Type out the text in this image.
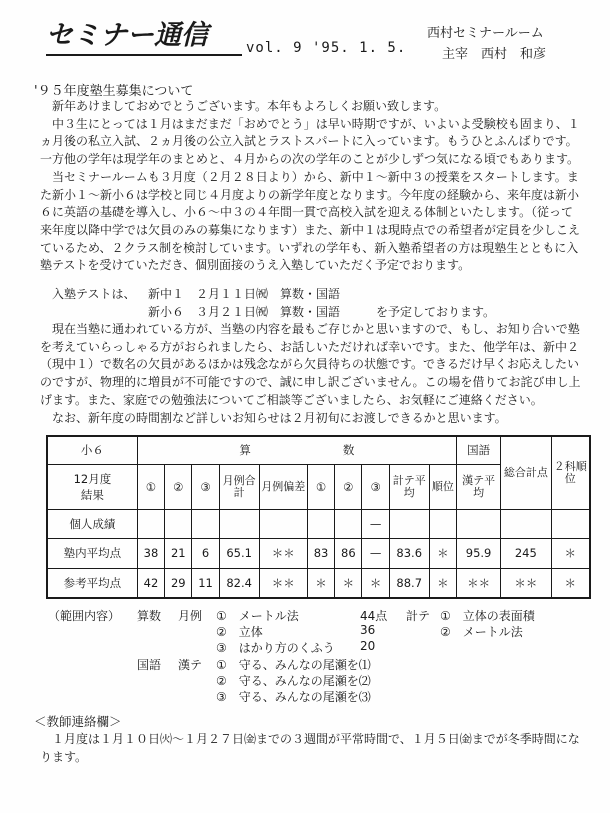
セミナー通信	vol. 9 '95. 1. 5.
西村セミナールーム
主宰　西村　和彦
'９５年度塾生募集について

新年あけましておめでとうございます。本年もよろしくお願い致します。

中３生にとっては１月はまだまだ「おめでとう」は早い時期ですが、いよいよ受験校も固まり、１ヵ月後の私立入試、２ヵ月後の公立入試とラストスパートに入っています。もうひとふんばりです。一方他の学年は現学年のまとめと、４月からの次の学年のことが少しずつ気になる頃でもあります。

当セミナールームも３月度（２月２８日より）から、新中１～新中３の授業をスタートします。また新小１～新小６は学校と同じ４月度よりの新学年度となります。今年度の経験から、来年度は新小６に英語の基礎を導入し、小６～中３の４年間一貫で高校入試を迎える体制といたします。（従って来年度以降中学では欠員のみの募集になります）また、新中１は現時点での希望者が定員を少しこえているため、２クラス制を検討しています。いずれの学年も、新入塾希望者の方は現塾生とともに入塾テストを受けていただき、個別面接のうえ入塾していただく予定でおります。

入塾テストは、 新中１　２月１１日㈷　算数・国語
新小６　３月２１日㈷　算数・国語	を予定しております。

現在当塾に通われている方が、当塾の内容を最もご存じかと思いますので、もし、お知り合いで塾を考えていらっしゃる方がおられましたら、お話しいただければ幸いです。また、他学年は、新中２（現中１）で数名の欠員があるほかは残念ながら欠員待ちの状態です。できるだけ早くお応えしたいのですが、物理的に増員が不可能ですので、誠に申し訳ございません。この場を借りてお詫び申し上げます。また、家庭での勉強法についてご相談等ございましたら、お気軽にご連絡ください。

なお、新年度の時間割など詳しいお知らせは２月初旬にお渡しできるかと思います。

小６	算　　　　　　　　数										国語	総合計点	２科順位

12月度
結果	①	②	③	月例合計	月例偏差	①	②	③	計テ平均	順位	漢テ平均		
個人成績								—					
塾内平均点	38	21	6	65.1	＊＊	83	86	—	83.6	＊	95.9	245	＊
参考平均点	42	29	11	82.4	＊＊	＊	＊	＊	88.7	＊	＊＊	＊＊	＊
（範囲内容） 算数 月例 ①　メートル法	44点 計テ ①　立体の表面積
②　立体	36	②　メートル法
③　はかり方のくふう 20
国語 漢テ ①　守る、みんなの尾瀬を⑴
②　守る、みんなの尾瀬を⑵
③　守る、みんなの尾瀬を⑶
＜教師連絡欄＞
１月度は１月１０日㈫～１月２７日㈮までの３週間が平常時間で、１月５日㈮までが冬季時間になります。
